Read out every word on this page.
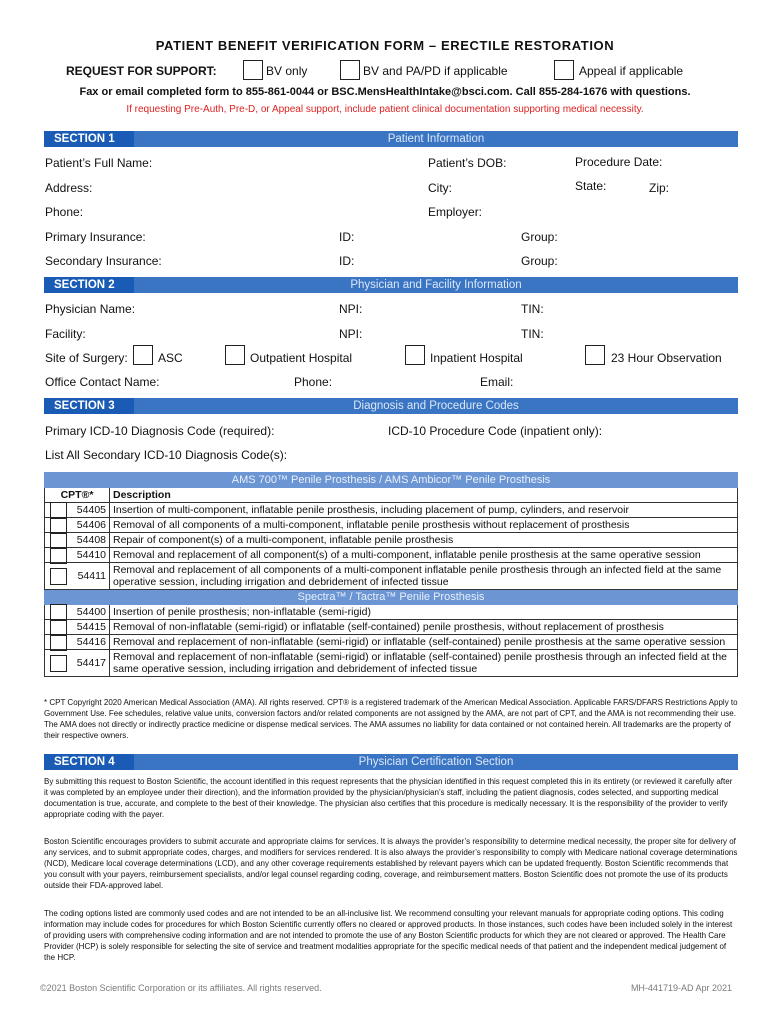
PATIENT BENEFIT VERIFICATION FORM – ERECTILE RESTORATION
REQUEST FOR SUPPORT:	BV only	BV and PA/PD if applicable	Appeal if applicable
Fax or email completed form to 855-861-0044 or BSC.MensHealthIntake@bsci.com. Call 855-284-1676 with questions.
If requesting Pre-Auth, Pre-D, or Appeal support, include patient clinical documentation supporting medical necessity.
SECTION 1	Patient Information
Patient’s Full Name:	Patient’s DOB:	Procedure Date:
Address:	City:	State:	Zip:
Phone:	Employer:
Primary Insurance:	ID:	Group:
Secondary Insurance:	ID:	Group:
SECTION 2	Physician and Facility Information
Physician Name:	NPI:	TIN:
Facility:	NPI:	TIN:
Site of Surgery:	ASC	Outpatient Hospital	Inpatient Hospital	23 Hour Observation
Office Contact Name:	Phone:	Email:
SECTION 3	Diagnosis and Procedure Codes
Primary ICD-10 Diagnosis Code (required):	ICD-10 Procedure Code (inpatient only):
List All Secondary ICD-10 Diagnosis Code(s):
AMS 700™ Penile Prosthesis / AMS Ambicor™ Penile Prosthesis	
CPT®*	Description

54405	Insertion of multi-component, inflatable penile prosthesis, including placement of pump, cylinders, and reservoir

54406	Removal of all components of a multi-component, inflatable penile prosthesis without replacement of prosthesis

54408	Repair of component(s) of a multi-component, inflatable penile prosthesis

54410	Removal and replacement of all component(s) of a multi-component, inflatable penile prosthesis at the same operative session

54411	Removal and replacement of all components of a multi-component inflatable penile prosthesis through an infected field at the same operative session, including irrigation and debridement of infected tissue
Spectra™ / Tactra™ Penile Prosthesis	

54400	Insertion of penile prosthesis; non-inflatable (semi-rigid)

54415	Removal of non-inflatable (semi-rigid) or inflatable (self-contained) penile prosthesis, without replacement of prosthesis

54416	Removal and replacement of non-inflatable (semi-rigid) or inflatable (self-contained) penile prosthesis at the same operative session

54417	Removal and replacement of non-inflatable (semi-rigid) or inflatable (self-contained) penile prosthesis through an infected field at the same operative session, including irrigation and debridement of infected tissue
* CPT Copyright 2020 American Medical Association (AMA). All rights reserved. CPT® is a registered trademark of the American Medical Association. Applicable FARS/DFARS Restrictions Apply to Government Use. Fee schedules, relative value units, conversion factors and/or related components are not assigned by the AMA, are not part of CPT, and the AMA is not recommending their use. The AMA does not directly or indirectly practice medicine or dispense medical services. The AMA assumes no liability for data contained or not contained herein. All trademarks are the property of their respective owners.
SECTION 4	Physician Certification Section
By submitting this request to Boston Scientific, the account identified in this request represents that the physician identified in this request completed this in its entirety (or reviewed it carefully after it was completed by an employee under their direction), and the information provided by the physician/physician’s staff, including the patient diagnosis, codes selected, and supporting medical documentation is true, accurate, and complete to the best of their knowledge. The physician also certifies that this procedure is medically necessary. It is the responsibility of the provider to verify appropriate coding with the payer.
Boston Scientific encourages providers to submit accurate and appropriate claims for services. It is always the provider’s responsibility to determine medical necessity, the proper site for delivery of any services, and to submit appropriate codes, charges, and modifiers for services rendered. It is also always the provider’s responsibility to comply with Medicare national coverage determinations (NCD), Medicare local coverage determinations (LCD), and any other coverage requirements established by relevant payers which can be updated frequently. Boston Scientific recommends that you consult with your payers, reimbursement specialists, and/or legal counsel regarding coding, coverage, and reimbursement matters. Boston Scientific does not promote the use of its products outside their FDA-approved label.
The coding options listed are commonly used codes and are not intended to be an all-inclusive list. We recommend consulting your relevant manuals for appropriate coding options. This coding information may include codes for procedures for which Boston Scientific currently offers no cleared or approved products. In those instances, such codes have been included solely in the interest of providing users with comprehensive coding information and are not intended to promote the use of any Boston Scientific products for which they are not cleared or approved. The Health Care Provider (HCP) is solely responsible for selecting the site of service and treatment modalities appropriate for the specific medical needs of that patient and the independent medical judgement of the HCP.
©2021 Boston Scientific Corporation or its affiliates. All rights reserved.	MH-441719-AD Apr 2021
